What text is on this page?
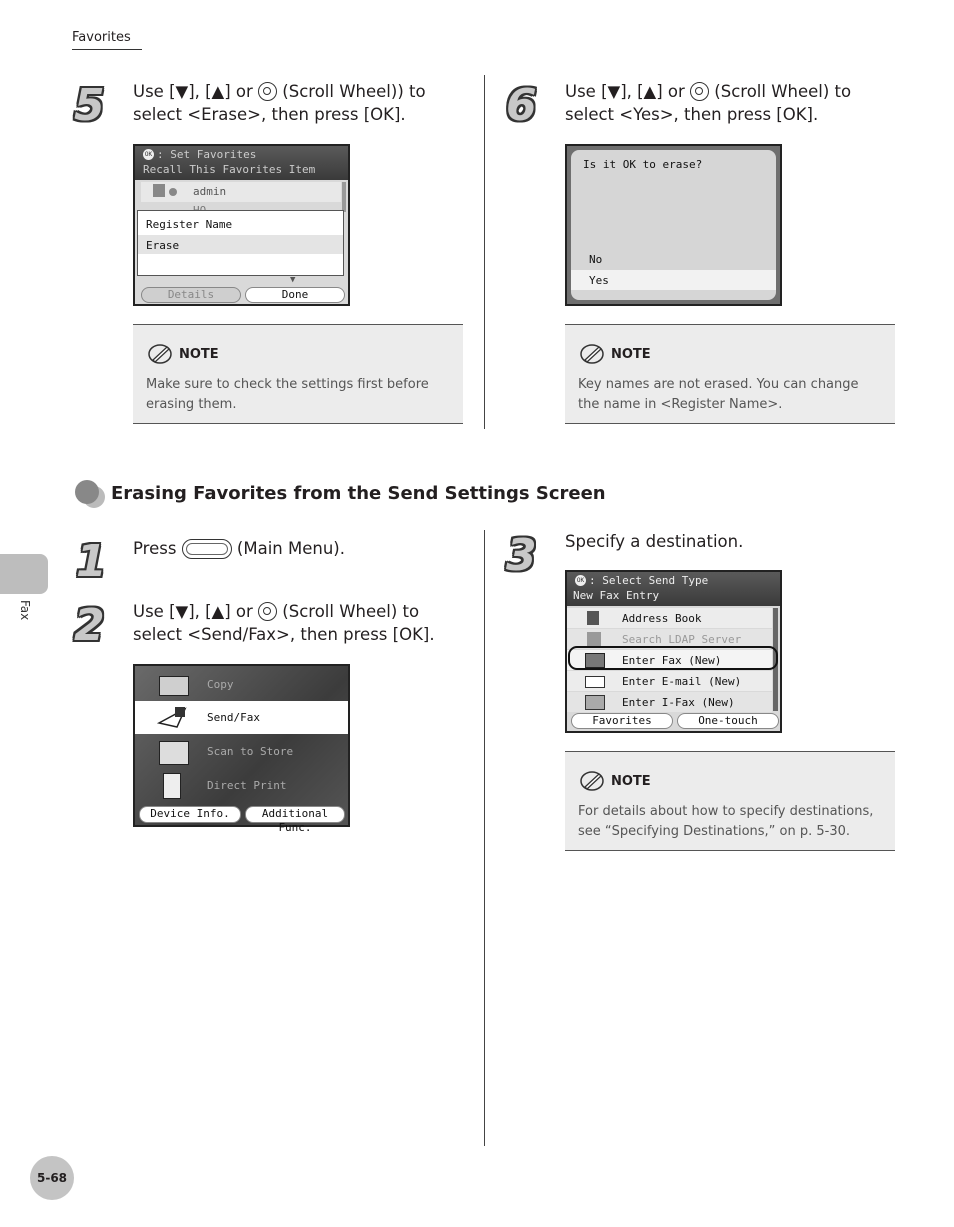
Favorites
Fax
5 Use [▼], [▲] or  (Scroll Wheel)) to select <Erase>, then press [OK].
OK : Set Favorites
Recall This Favorites Item
admin
Register Name
Erase
▼
Details	Done
NOTE
Make sure to check the settings first before erasing them.
6 Use [▼], [▲] or  (Scroll Wheel) to select <Yes>, then press [OK].
Is it OK to erase?
No
Yes
NOTE
Key names are not erased. You can change the name in <Register Name>.
Erasing Favorites from the Send Settings Screen
1 Press	(Main Menu).
2 Use [▼], [▲] or  (Scroll Wheel) to select <Send/Fax>, then press [OK].
Copy
Send/Fax
Scan to Store
Direct Print
Device Info.	Additional Func.
3 Specify a destination.
OK : Select Send Type
New Fax Entry
Address Book
Search LDAP Server
Enter Fax (New)
Enter E-mail (New)
Enter I-Fax (New)
Favorites	One-touch
NOTE
For details about how to specify destinations, see “Specifying Destinations,” on p. 5-30.
5-68
